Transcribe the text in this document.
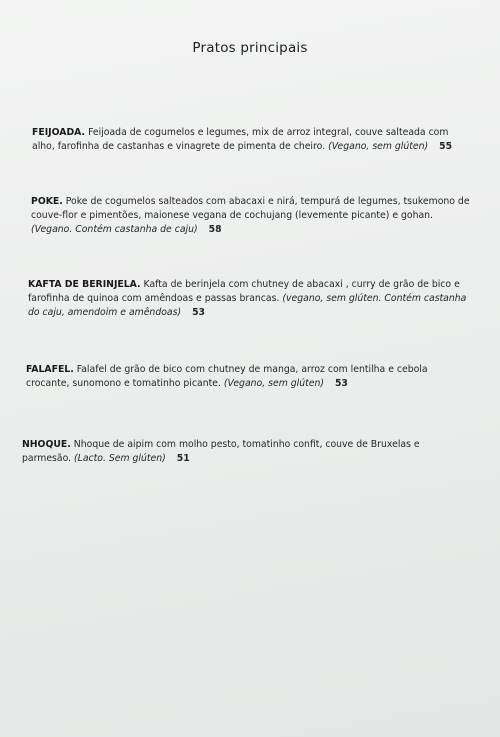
Pratos principais
FEIJOADA. Feijoada de cogumelos e legumes, mix de arroz integral, couve salteada com alho, farofinha de castanhas e vinagrete de pimenta de cheiro. (Vegano, sem glúten) 55
POKE. Poke de cogumelos salteados com abacaxi e nirá, tempurá de legumes, tsukemono de couve-flor e pimentões, maionese vegana de cochujang (levemente picante) e gohan. (Vegano. Contém castanha de caju) 58
KAFTA DE BERINJELA. Kafta de berinjela com chutney de abacaxi , curry de grão de bico e farofinha de quinoa com amêndoas e passas brancas. (vegano, sem glúten. Contém castanha do caju, amendoim e amêndoas) 53
FALAFEL. Falafel de grão de bico com chutney de manga, arroz com lentilha e cebola crocante, sunomono e tomatinho picante. (Vegano, sem glúten) 53
NHOQUE. Nhoque de aipim com molho pesto, tomatinho confit, couve de Bruxelas e parmesão. (Lacto. Sem glúten) 51
